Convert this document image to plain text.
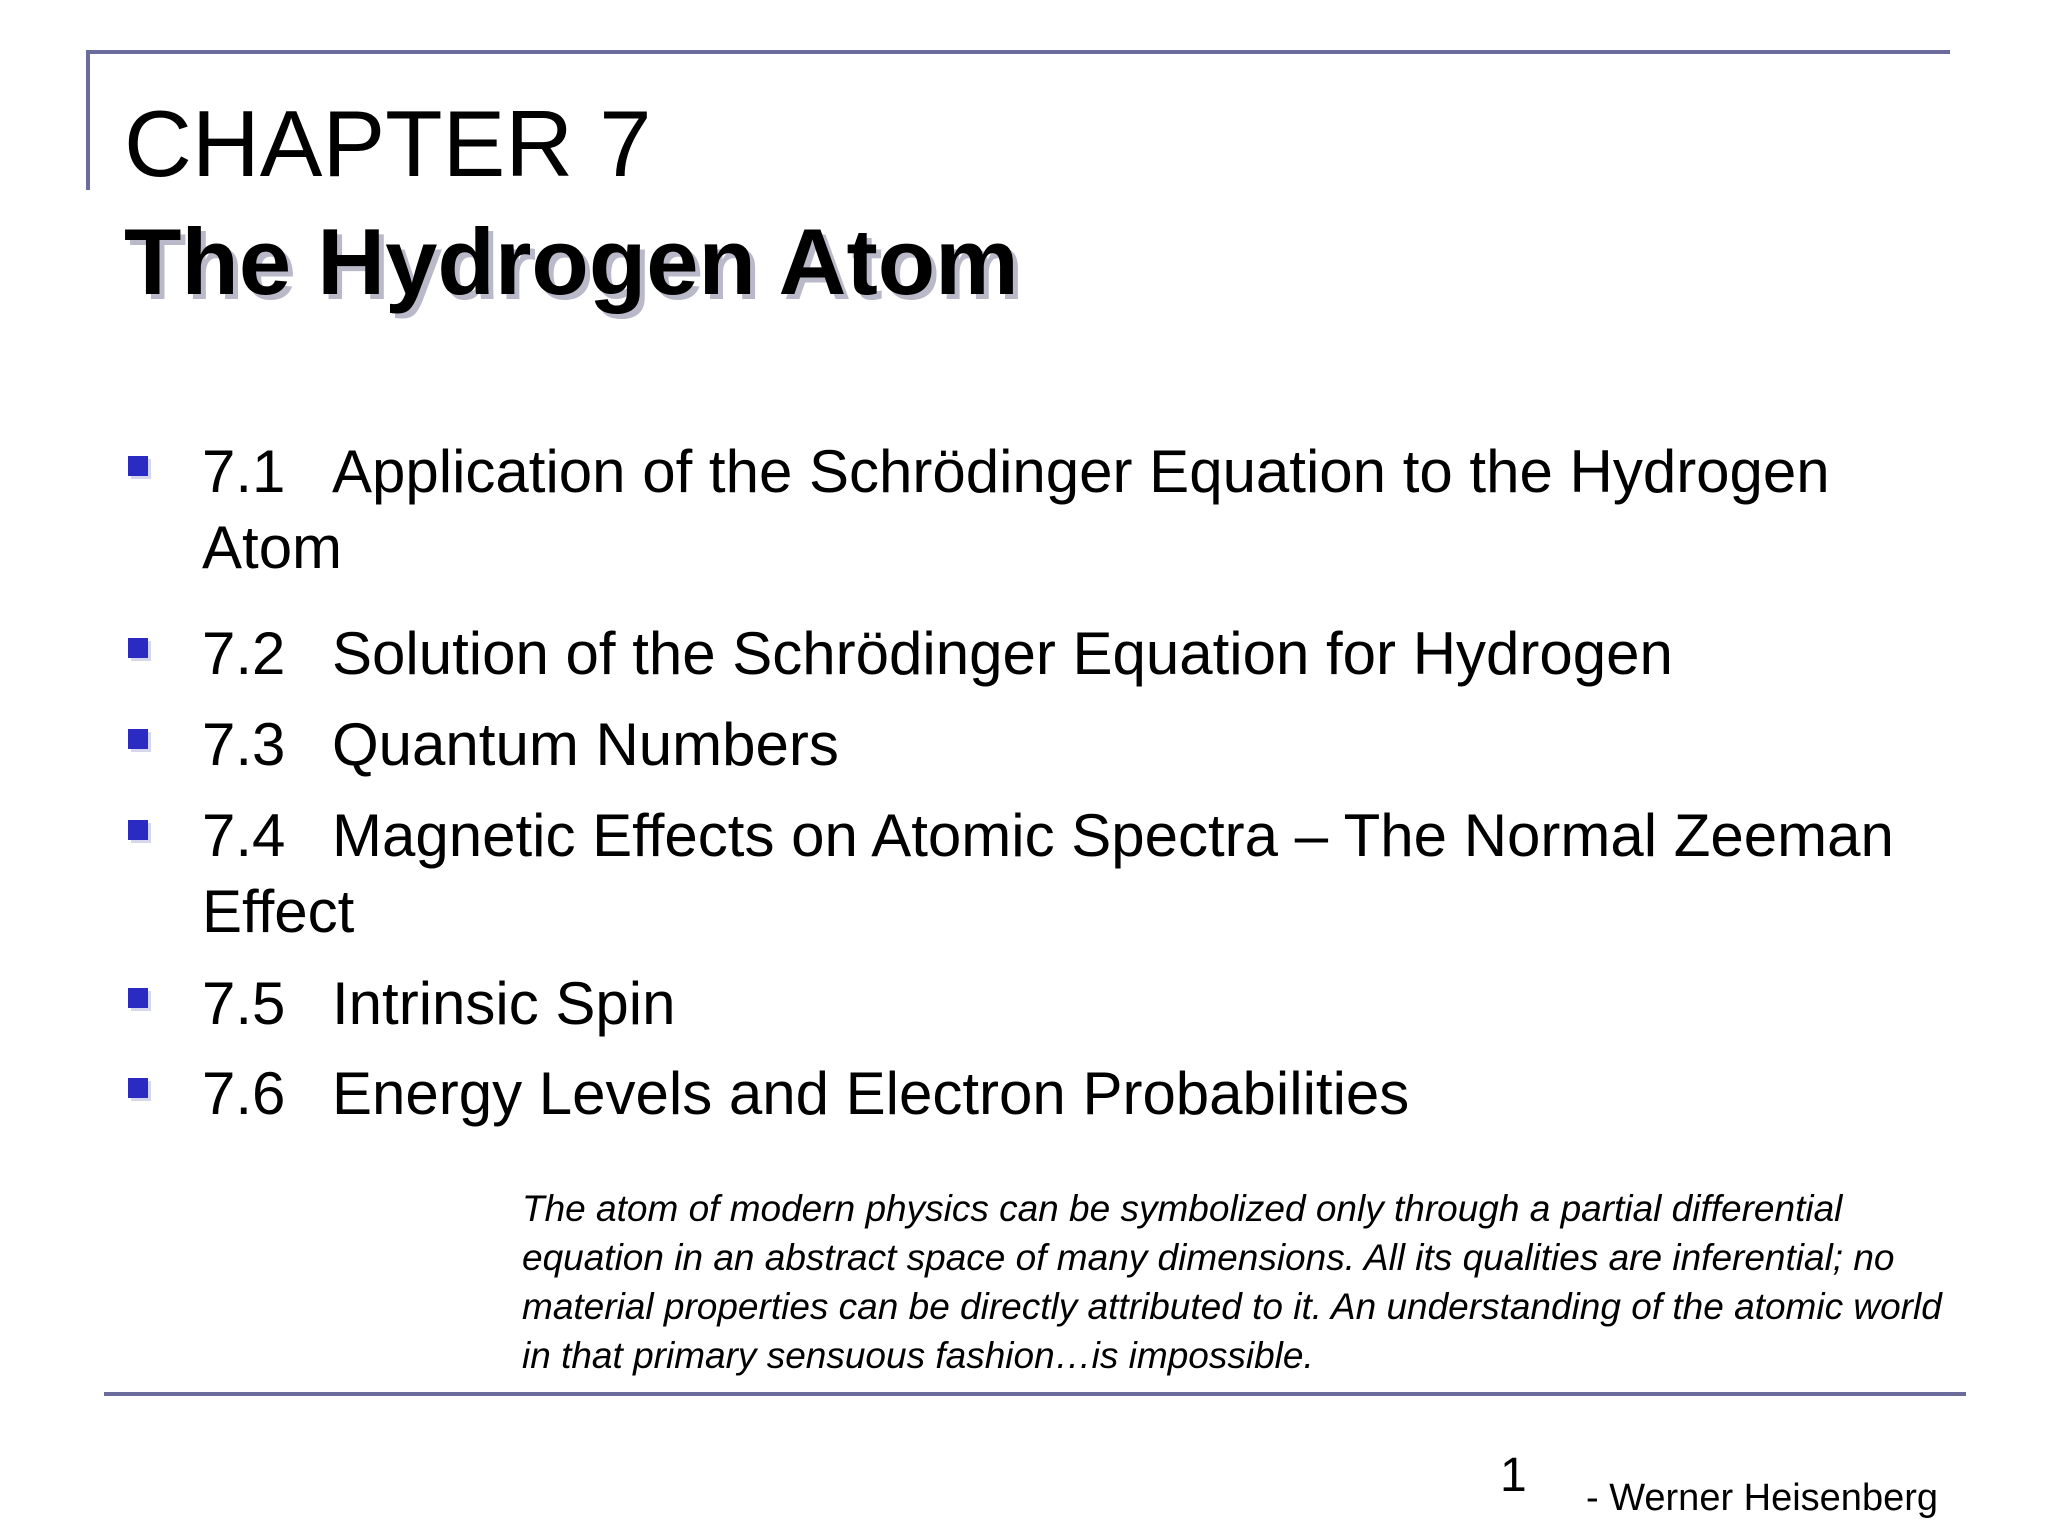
CHAPTER 7
The Hydrogen Atom

7.1 Application of the Schrödinger Equation to the Hydrogen Atom

7.2 Solution of the Schrödinger Equation for Hydrogen

7.3 Quantum Numbers

7.4 Magnetic Effects on Atomic Spectra – The Normal Zeeman Effect

7.5 Intrinsic Spin

7.6 Energy Levels and Electron Probabilities

The atom of modern physics can be symbolized only through a partial differential equation in an abstract space of many dimensions. All its qualities are inferential; no material properties can be directly attributed to it. An understanding of the atomic world in that primary sensuous fashion…is impossible.

1 - Werner Heisenberg
